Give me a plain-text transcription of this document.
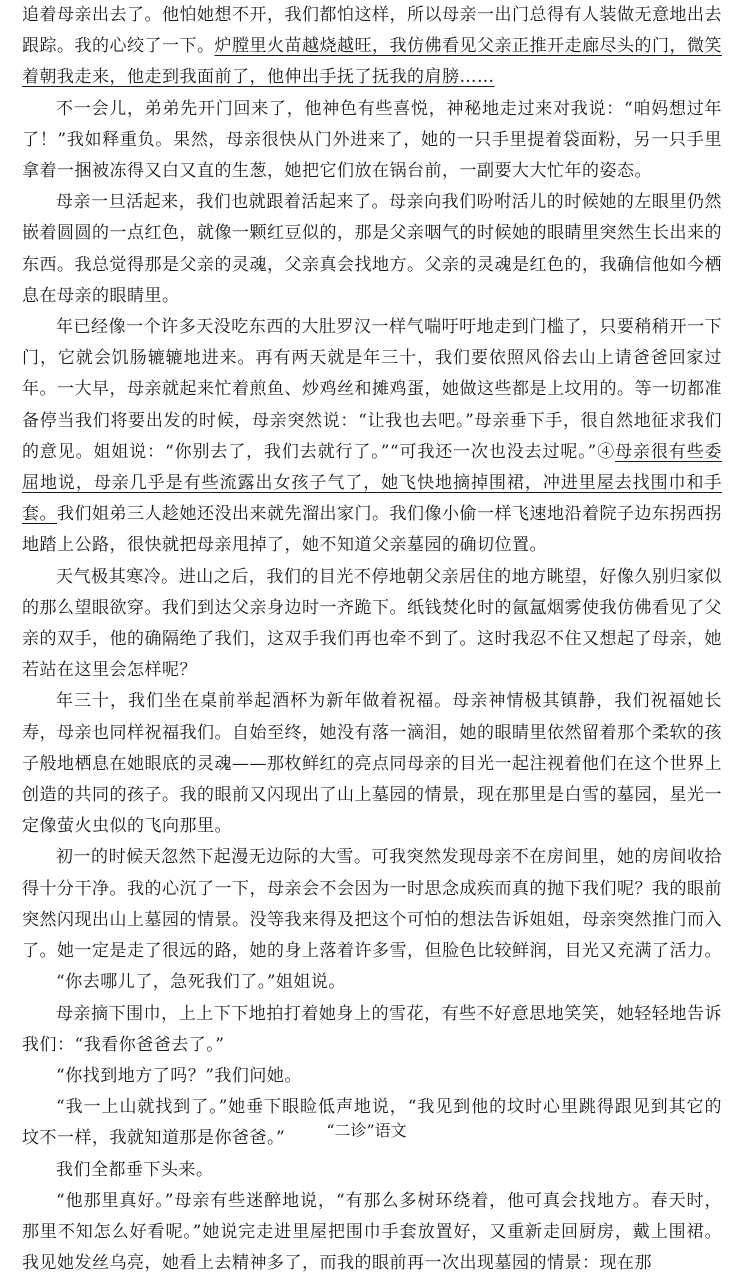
追着母亲出去了。他怕她想不开，我们都怕这样，所以母亲一出门总得有人装做无意地出去跟踪。我的心绞了一下。炉膛里火苗越烧越旺，我仿佛看见父亲正推开走廊尽头的门，微笑着朝我走来，他走到我面前了，他伸出手抚了抚我的肩膀……

不一会儿，弟弟先开门回来了，他神色有些喜悦，神秘地走过来对我说：“咱妈想过年了！”我如释重负。果然，母亲很快从门外进来了，她的一只手里提着袋面粉，另一只手里拿着一捆被冻得又白又直的生葱，她把它们放在锅台前，一副要大大忙年的姿态。

母亲一旦活起来，我们也就跟着活起来了。母亲向我们吩咐活儿的时候她的左眼里仍然嵌着圆圆的一点红色，就像一颗红豆似的，那是父亲咽气的时候她的眼睛里突然生长出来的东西。我总觉得那是父亲的灵魂，父亲真会找地方。父亲的灵魂是红色的，我确信他如今栖息在母亲的眼睛里。

年已经像一个许多天没吃东西的大肚罗汉一样气喘吁吁地走到门槛了，只要稍稍开一下门，它就会饥肠辘辘地进来。再有两天就是年三十，我们要依照风俗去山上请爸爸回家过年。一大早，母亲就起来忙着煎鱼、炒鸡丝和摊鸡蛋，她做这些都是上坟用的。等一切都准备停当我们将要出发的时候，母亲突然说：“让我也去吧。”母亲垂下手，很自然地征求我们的意见。姐姐说：“你别去了，我们去就行了。”“可我还一次也没去过呢。”④母亲很有些委屈地说，母亲几乎是有些流露出女孩子气了，她飞快地摘掉围裙，冲进里屋去找围巾和手套。我们姐弟三人趁她还没出来就先溜出家门。我们像小偷一样飞速地沿着院子边东拐西拐地踏上公路，很快就把母亲甩掉了，她不知道父亲墓园的确切位置。

天气极其寒冷。进山之后，我们的目光不停地朝父亲居住的地方眺望，好像久别归家似的那么望眼欲穿。我们到达父亲身边时一齐跪下。纸钱焚化时的氤氲烟雾使我仿佛看见了父亲的双手，他的确隔绝了我们，这双手我们再也牵不到了。这时我忍不住又想起了母亲，她若站在这里会怎样呢？

年三十，我们坐在桌前举起酒杯为新年做着祝福。母亲神情极其镇静，我们祝福她长寿，母亲也同样祝福我们。自始至终，她没有落一滴泪，她的眼睛里依然留着那个柔软的孩子般地栖息在她眼底的灵魂——那枚鲜红的亮点同母亲的目光一起注视着他们在这个世界上创造的共同的孩子。我的眼前又闪现出了山上墓园的情景，现在那里是白雪的墓园，星光一定像萤火虫似的飞向那里。

初一的时候天忽然下起漫无边际的大雪。可我突然发现母亲不在房间里，她的房间收拾得十分干净。我的心沉了一下，母亲会不会因为一时思念成疾而真的抛下我们呢？我的眼前突然闪现出山上墓园的情景。没等我来得及把这个可怕的想法告诉姐姐，母亲突然推门而入了。她一定是走了很远的路，她的身上落着许多雪，但脸色比较鲜润，目光又充满了活力。

“你去哪儿了，急死我们了。”姐姐说。

母亲摘下围巾，上上下下地拍打着她身上的雪花，有些不好意思地笑笑，她轻轻地告诉我们：“我看你爸爸去了。”

“你找到地方了吗？”我们问她。

“我一上山就找到了。”她垂下眼睑低声地说，“我见到他的坟时心里跳得跟见到其它的坟不一样，我就知道那是你爸爸。”

我们全都垂下头来。

“他那里真好。”母亲有些迷醉地说，“有那么多树环绕着，他可真会找地方。春天时，那里不知怎么好看呢。”她说完走进里屋把围巾手套放置好，又重新走回厨房，戴上围裙。我见她发丝乌亮，她看上去精神多了，而我的眼前再一次出现墓园的情景：现在那

“二诊”语文
